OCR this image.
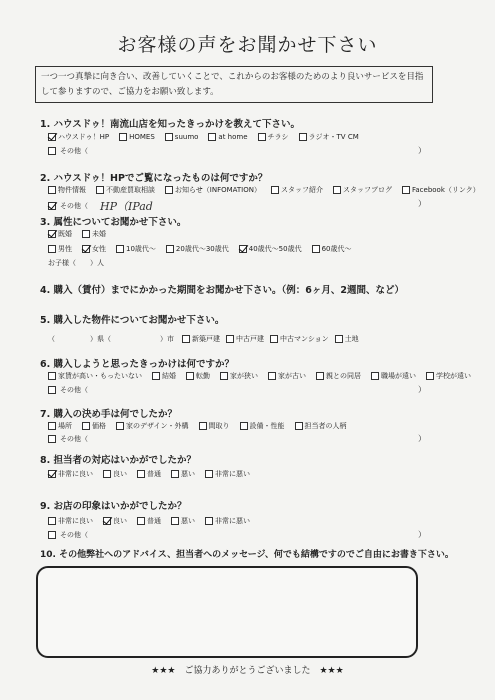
お客様の声をお聞かせ下さい
一つ一つ真摯に向き合い、改善していくことで、これからのお客様のためのより良いサービスを目指して参りますので、ご協力をお願い致します。
1. ハウスドゥ！南流山店を知ったきっかけを教えて下さい。
ハウスドゥ！HP	HOMES	suumo	at home	チラシ	ラジオ・TV CM
その他（	）
2. ハウスドゥ！HPでご覧になったものは何ですか？
物件情報	不動産買取相談	お知らせ（INFOMATION）	スタッフ紹介	スタッフブログ	Facebook（リンク）
その他（ HP（IPad	）
3. 属性についてお聞かせ下さい。
既婚	未婚
男性	女性	10歳代〜	20歳代〜30歳代	40歳代〜50歳代	60歳代〜
お子様（　　）人
4. 購入（賃付）までにかかった期間をお聞かせ下さい。（例：6ヶ月、2週間、など）
5. 購入した物件についてお聞かせ下さい。
（　　　　　）県（　　　　　　　）市	新築戸建 中古戸建 中古マンション 土地
6. 購入しようと思ったきっかけは何ですか？
家賃が高い・もったいない	結婚	転勤	家が狭い	家が古い	親との同居	職場が遠い	学校が遠い
その他（	）
7. 購入の決め手は何でしたか？
場所	価格	家のデザイン・外構	間取り	設備・性能	担当者の人柄
その他（	）
8. 担当者の対応はいかがでしたか？
非常に良い	良い	普通	悪い	非常に悪い
9. お店の印象はいかがでしたか？
非常に良い	良い	普通	悪い	非常に悪い
その他（	）
10. その他弊社へのアドバイス、担当者へのメッセージ、何でも結構ですのでご自由にお書き下さい。
★★★　ご協力ありがとうございました　★★★
